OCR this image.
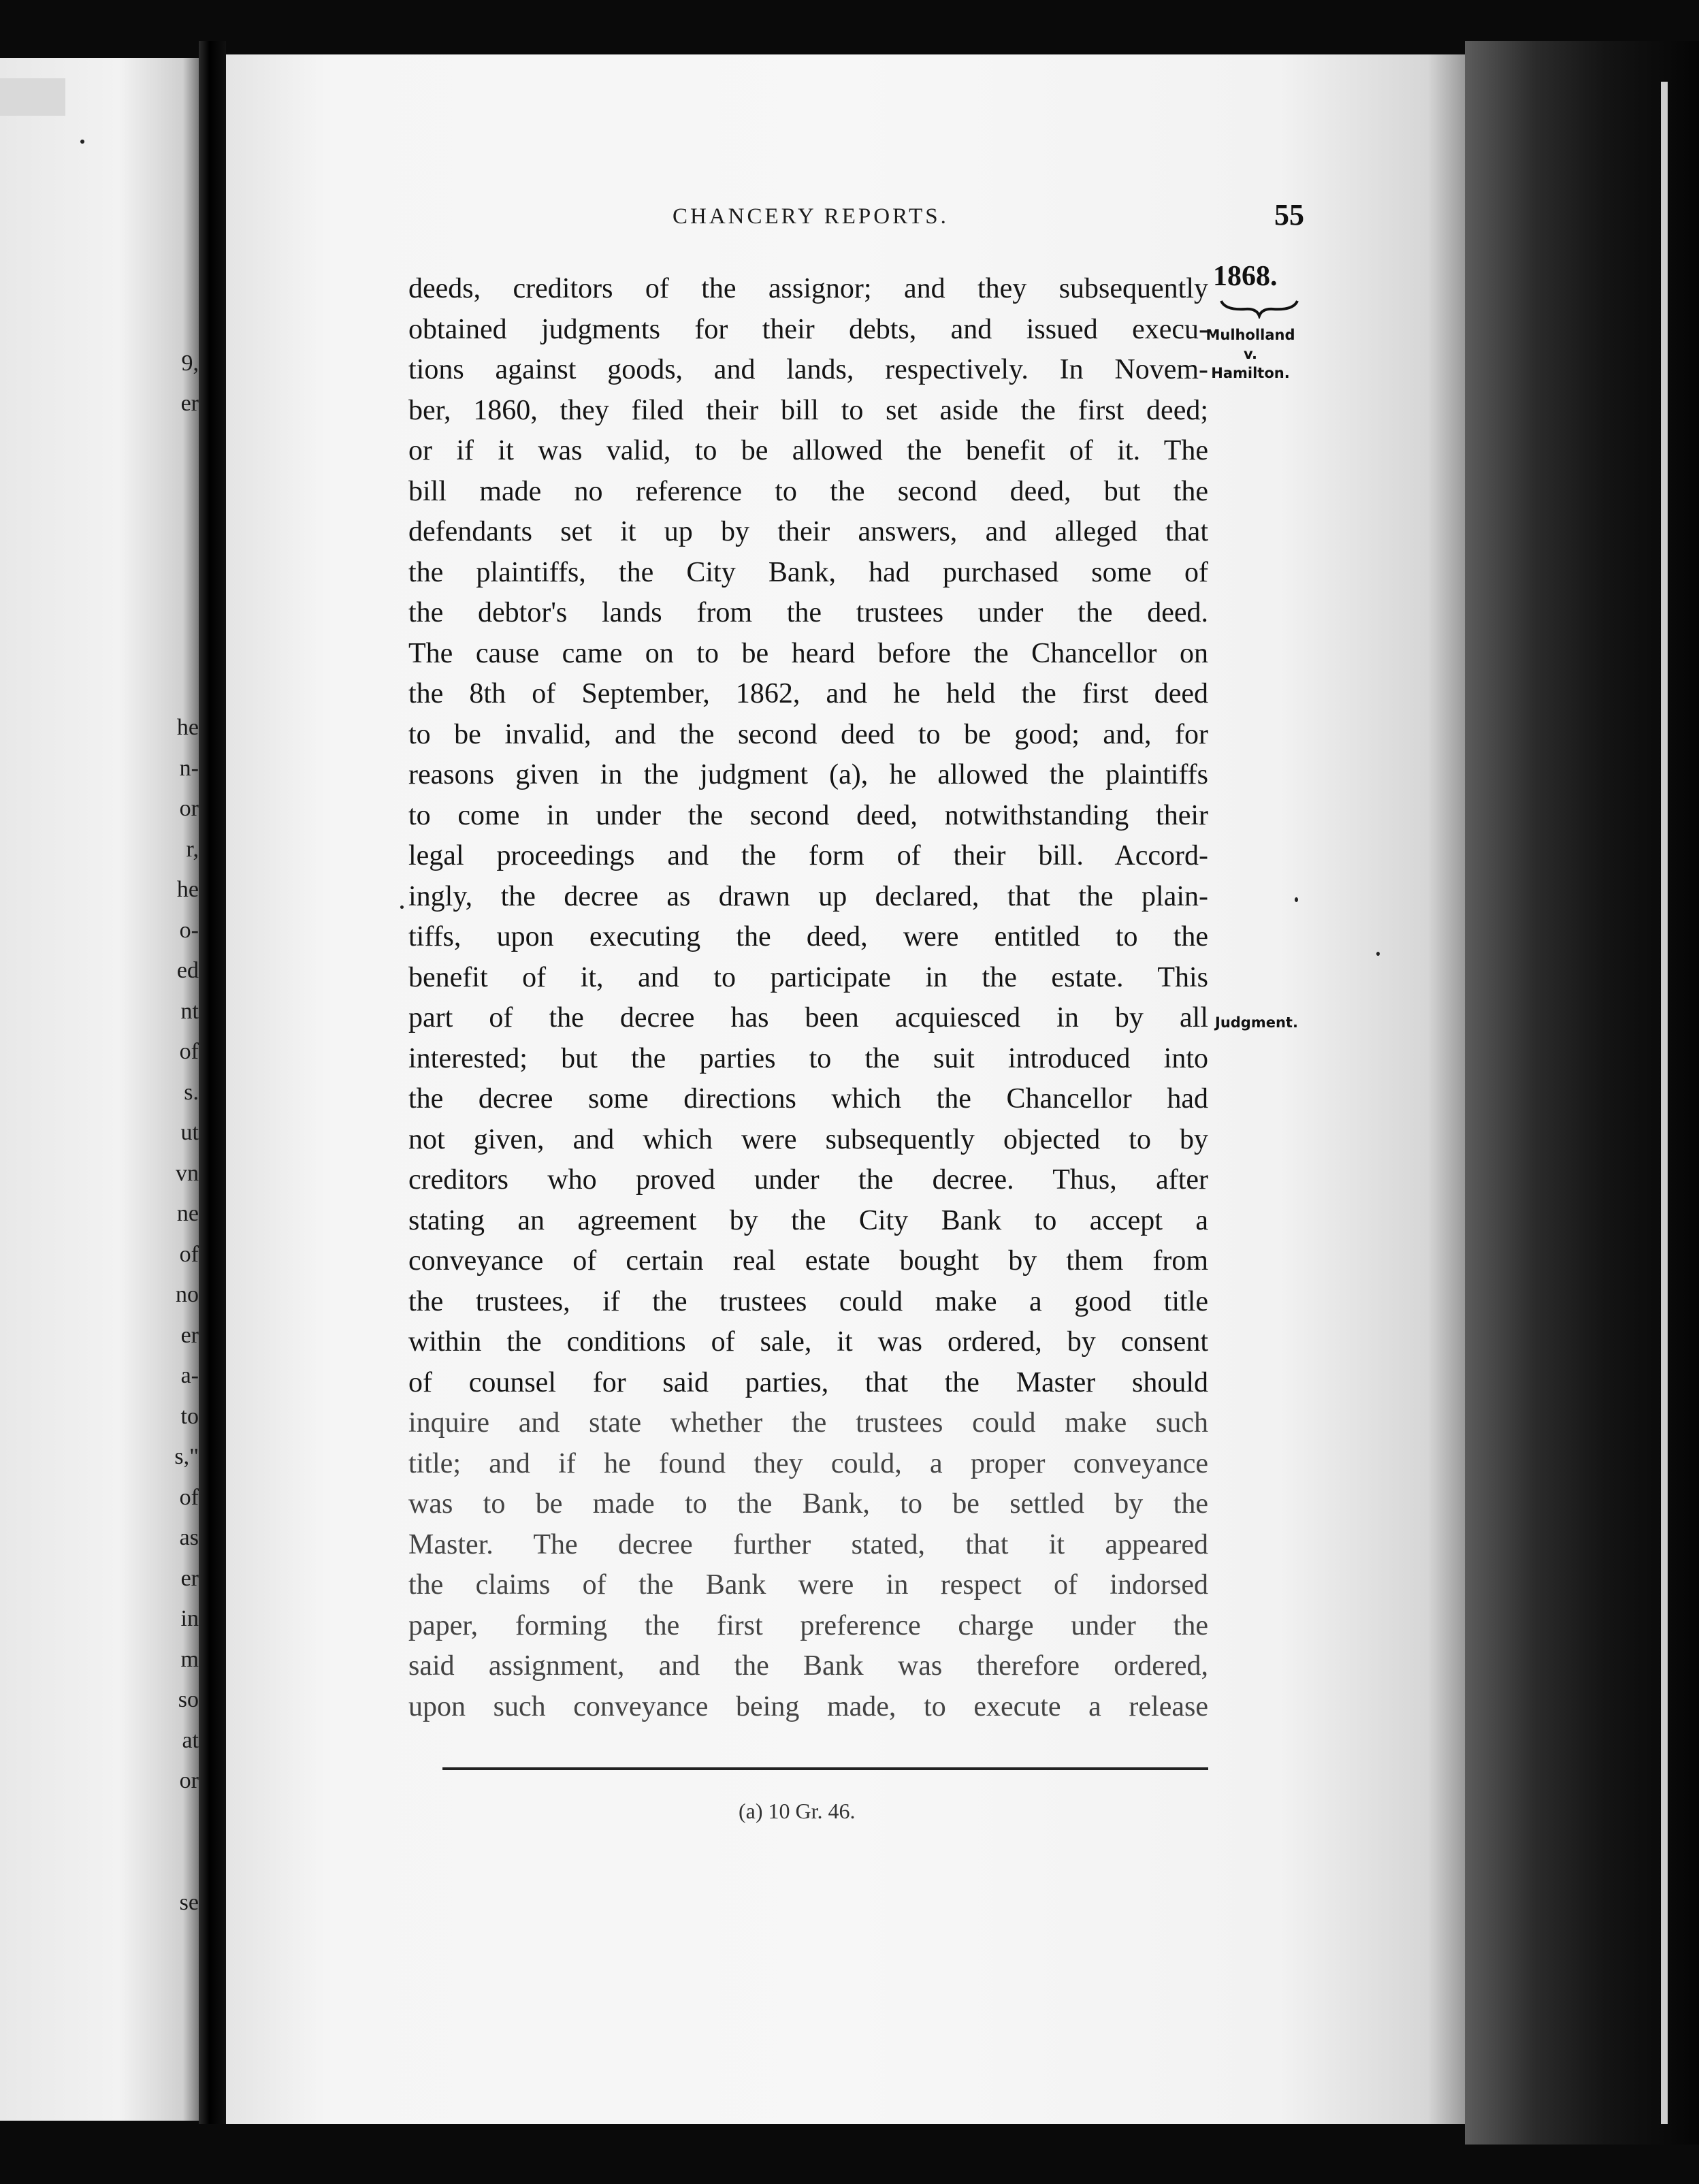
9,
er
he
n-
or
r,
he
o-
ed
nt
of
s.
ut
vn
ne
of
no
er
a-
to
s,"
of
as
er
in
m
so
at
or
se
CHANCERY REPORTS.	55
1868.
Mulholland
v.
Hamilton.
Judgment.
deeds, creditors of the assignor; and they subsequently
obtained judgments for their debts, and issued execu-
tions against goods, and lands, respectively. In Novem-
ber, 1860, they filed their bill to set aside the first deed;
or if it was valid, to be allowed the benefit of it. The
bill made no reference to the second deed, but the
defendants set it up by their answers, and alleged that
the plaintiffs, the City Bank, had purchased some of
the debtor's lands from the trustees under the deed.
The cause came on to be heard before the Chancellor on
the 8th of September, 1862, and he held the first deed
to be invalid, and the second deed to be good; and, for
reasons given in the judgment (a), he allowed the plaintiffs
to come in under the second deed, notwithstanding their
legal proceedings and the form of their bill. Accord-
ingly, the decree as drawn up declared, that the plain-
tiffs, upon executing the deed, were entitled to the
benefit of it, and to participate in the estate. This
part of the decree has been acquiesced in by all
interested; but the parties to the suit introduced into
the decree some directions which the Chancellor had
not given, and which were subsequently objected to by
creditors who proved under the decree. Thus, after
stating an agreement by the City Bank to accept a
conveyance of certain real estate bought by them from
the trustees, if the trustees could make a good title
within the conditions of sale, it was ordered, by consent
of counsel for said parties, that the Master should
inquire and state whether the trustees could make such
title; and if he found they could, a proper conveyance
was to be made to the Bank, to be settled by the
Master. The decree further stated, that it appeared
the claims of the Bank were in respect of indorsed
paper, forming the first preference charge under the
said assignment, and the Bank was therefore ordered,
upon such conveyance being made, to execute a release
(a) 10 Gr. 46.
